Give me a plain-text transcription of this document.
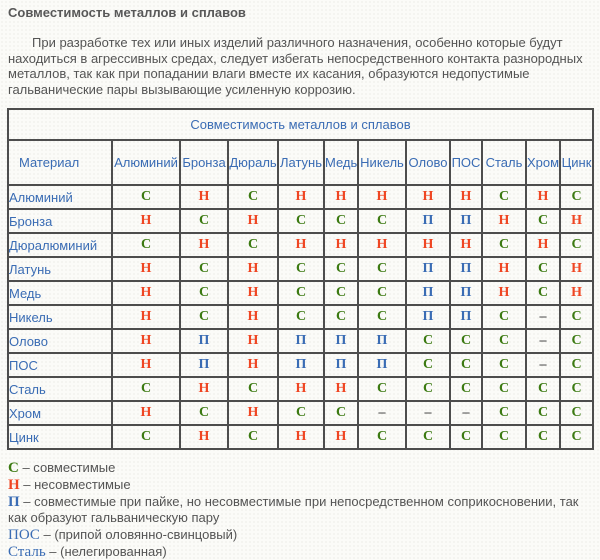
Совместимость металлов и сплавов

При разработке тех или иных изделий различного назначения, особенно которые будут находиться в агрессивных средах, следует избегать непосредственного контакта разнородных металлов, так как при попадании влаги вместе их касания, образуются недопустимые гальванические пары вызывающие усиленную коррозию.

Совместимость металлов и сплавов											
Материал	Алюминий	Бронза	Дюраль	Латунь	Медь	Никель	Олово	ПОС	Сталь	Хром	Цинк
Алюминий	С	Н	С	Н	Н	Н	Н	Н	С	Н	С
Бронза	Н	С	Н	С	С	С	П	П	Н	С	Н
Дюралюминий	С	Н	С	Н	Н	Н	Н	Н	С	Н	С
Латунь	Н	С	Н	С	С	С	П	П	Н	С	Н
Медь	Н	С	Н	С	С	С	П	П	Н	С	Н
Никель	Н	С	Н	С	С	С	П	П	С	–	С
Олово	Н	П	Н	П	П	П	С	С	С	–	С
ПОС	Н	П	Н	П	П	П	С	С	С	–	С
Сталь	С	Н	С	Н	Н	С	С	С	С	С	С
Хром	Н	С	Н	С	С	–	–	–	С	С	С
Цинк	С	Н	С	Н	Н	С	С	С	С	С	С
С – совместимые
Н – несовместимые
П – совместимые при пайке, но несовместимые при непосредственном соприкосновении, так как образуют гальваническую пару
ПОС – (припой оловянно-свинцовый)
Сталь – (нелегированная)
